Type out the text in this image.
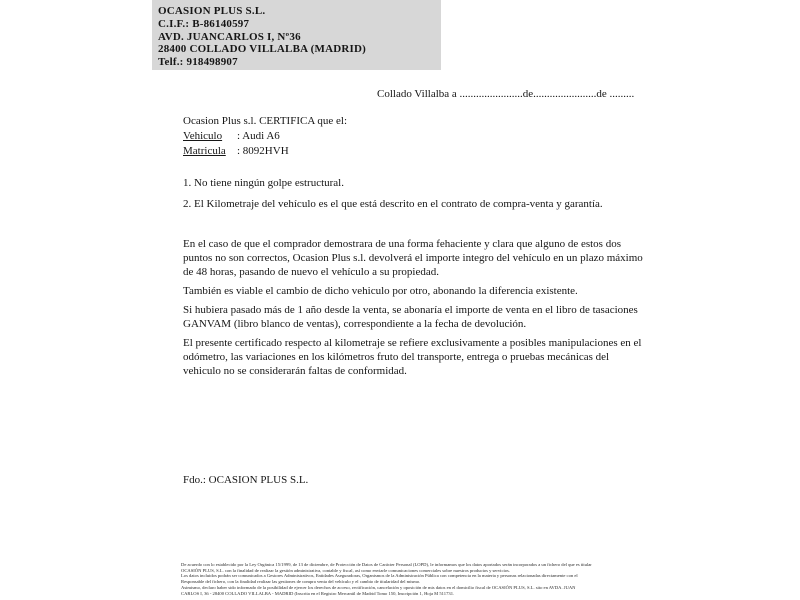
OCASION PLUS S.L.
C.I.F.: B-86140597
AVD. JUANCARLOS I, Nº36
28400 COLLADO VILLALBA (MADRID)
Telf.: 918498907
Collado Villalba a .......................de.......................de .........
Ocasion Plus s.l. CERTIFICA que el:
Vehiculo : Audi A6
Matricula : 8092HVH
1. No tiene ningún golpe estructural.
2. El Kilometraje del vehículo es el que está descrito en el contrato de compra-venta y garantía.

En el caso de que el comprador demostrara de una forma fehaciente y clara que alguno de estos dos puntos no son correctos, Ocasion Plus s.l. devolverá el importe integro del vehículo en un plazo máximo de 48 horas, pasando de nuevo el vehículo a su propiedad.

También es viable el cambio de dicho vehiculo por otro, abonando la diferencia existente.

Si hubiera pasado más de 1 año desde la venta, se abonaría el importe de venta en el libro de tasaciones GANVAM (libro blanco de ventas), correspondiente a la fecha de devolución.

El presente certificado respecto al kilometraje se refiere exclusivamente a posibles manipulaciones en el odómetro, las variaciones en los kilómetros fruto del transporte, entrega o pruebas mecánicas del vehiculo no se considerarán faltas de conformidad.

Fdo.: OCASION PLUS S.L.
De acuerdo con lo establecido por la Ley Orgánica 15/1999, de 13 de diciembre, de Protección de Datos de Carácter Personal (LOPD), le informamos que los datos aportados serán incorporados a un fichero del que es titular
OCASIÓN PLUS, S.L. con la finalidad de realizar la gestión administrativa, contable y fiscal, así como enviarle comunicaciones comerciales sobre nuestros productos y servicios.
Los datos incluidos podrán ser comunicados a Gestores Administrativos, Entidades Aseguradoras, Organismos de la Administración Pública con competencia en la materia y personas relacionadas directamente con el
Responsable del fichero, con la finalidad realizar las gestiones de compra venta del vehículo y el cambio de titularidad del mismo.
Asimismo, declaro haber sido informado de la posibilidad de ejercer los derechos de acceso, rectificación, cancelación y oposición de mis datos en el domicilio fiscal de OCASIÓN PLUS, S.L. sito en AVDA. JUAN
CARLOS I, 36 - 28400 COLLADO VILLALBA - MADRID (Inscrita en el Registro Mercantil de Madrid Tomo 150, Inscripción 1, Hoja M 511731.
